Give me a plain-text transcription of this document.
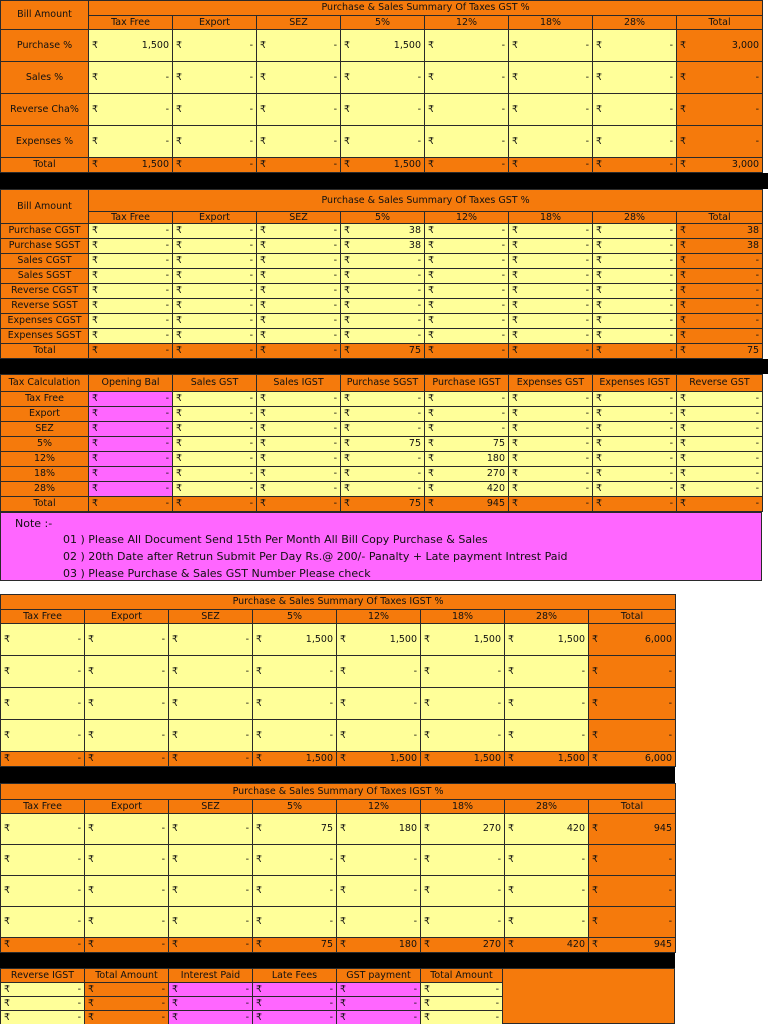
Bill Amount	Purchase & Sales Summary Of Taxes GST %							
	Tax Free	Export	SEZ	5%	12%	18%	28%	Total
Purchase %	₹ 1,500	₹ -	₹ -	₹ 1,500	₹ -	₹ -	₹ -	₹ 3,000

Sales %	₹ -	₹ -	₹ -	₹ -	₹ -	₹ -	₹ -	₹ -

Reverse Cha%	₹ -	₹ -	₹ -	₹ -	₹ -	₹ -	₹ -	₹ -

Expenses %	₹ -	₹ -	₹ -	₹ -	₹ -	₹ -	₹ -	₹ -

Total	₹ 1,500	₹ -	₹ -	₹ 1,500	₹ -	₹ -	₹ -	₹ 3,000
Bill Amount	Purchase & Sales Summary Of Taxes GST %							
	Tax Free	Export	SEZ	5%	12%	18%	28%	Total
Purchase CGST	₹ -	₹ -	₹ -	₹ 38	₹ -	₹ -	₹ -	₹ 38

Purchase SGST	₹ -	₹ -	₹ -	₹ 38	₹ -	₹ -	₹ -	₹ 38

Sales CGST	₹ -	₹ -	₹ -	₹ -	₹ -	₹ -	₹ -	₹ -

Sales SGST	₹ -	₹ -	₹ -	₹ -	₹ -	₹ -	₹ -	₹ -

Reverse CGST	₹ -	₹ -	₹ -	₹ -	₹ -	₹ -	₹ -	₹ -

Reverse SGST	₹ -	₹ -	₹ -	₹ -	₹ -	₹ -	₹ -	₹ -

Expenses CGST	₹ -	₹ -	₹ -	₹ -	₹ -	₹ -	₹ -	₹ -

Expenses SGST	₹ -	₹ -	₹ -	₹ -	₹ -	₹ -	₹ -	₹ -

Total	₹ -	₹ -	₹ -	₹ 75	₹ -	₹ -	₹ -	₹ 75
Tax Calculation	Opening Bal	Sales GST	Sales IGST	Purchase SGST	Purchase IGST	Expenses GST	Expenses IGST	Reverse GST
Tax Free	₹ -	₹ -	₹ -	₹ -	₹ -	₹ -	₹ -	₹ -

Export	₹ -	₹ -	₹ -	₹ -	₹ -	₹ -	₹ -	₹ -

SEZ	₹ -	₹ -	₹ -	₹ -	₹ -	₹ -	₹ -	₹ -

5%	₹ -	₹ -	₹ -	₹ 75	₹ 75	₹ -	₹ -	₹ -

12%	₹ -	₹ -	₹ -	₹ -	₹ 180	₹ -	₹ -	₹ -

18%	₹ -	₹ -	₹ -	₹ -	₹ 270	₹ -	₹ -	₹ -

28%	₹ -	₹ -	₹ -	₹ -	₹ 420	₹ -	₹ -	₹ -

Total	₹ -	₹ -	₹ -	₹ 75	₹ 945	₹ -	₹ -	₹ -
Note :-
01 ) Please All Document Send 15th Per Month All Bill Copy Purchase & Sales
02 ) 20th Date after Retrun Submit Per Day Rs.@ 200/- Panalty + Late payment Intrest Paid
03 ) Please Purchase & Sales GST Number Please check
Purchase & Sales Summary Of Taxes IGST %							
Tax Free	Export	SEZ	5%	12%	18%	28%	Total

₹ -	₹ -	₹ -	₹ 1,500	₹ 1,500	₹ 1,500	₹ 1,500	₹ 6,000

₹ -	₹ -	₹ -	₹ -	₹ -	₹ -	₹ -	₹ -

₹ -	₹ -	₹ -	₹ -	₹ -	₹ -	₹ -	₹ -

₹ -	₹ -	₹ -	₹ -	₹ -	₹ -	₹ -	₹ -

₹ -	₹ -	₹ -	₹ 1,500	₹ 1,500	₹ 1,500	₹ 1,500	₹ 6,000
Purchase & Sales Summary Of Taxes IGST %							
Tax Free	Export	SEZ	5%	12%	18%	28%	Total

₹ -	₹ -	₹ -	₹ 75	₹ 180	₹ 270	₹ 420	₹ 945

₹ -	₹ -	₹ -	₹ -	₹ -	₹ -	₹ -	₹ -

₹ -	₹ -	₹ -	₹ -	₹ -	₹ -	₹ -	₹ -

₹ -	₹ -	₹ -	₹ -	₹ -	₹ -	₹ -	₹ -

₹ -	₹ -	₹ -	₹ 75	₹ 180	₹ 270	₹ 420	₹ 945
Reverse IGST	Total Amount	Interest Paid	Late Fees	GST payment	Total Amount

₹ -	₹ -	₹ -	₹ -	₹ -	₹ -

₹ -	₹ -	₹ -	₹ -	₹ -	₹ -

₹ -	₹ -	₹ -	₹ -	₹ -	₹ -
